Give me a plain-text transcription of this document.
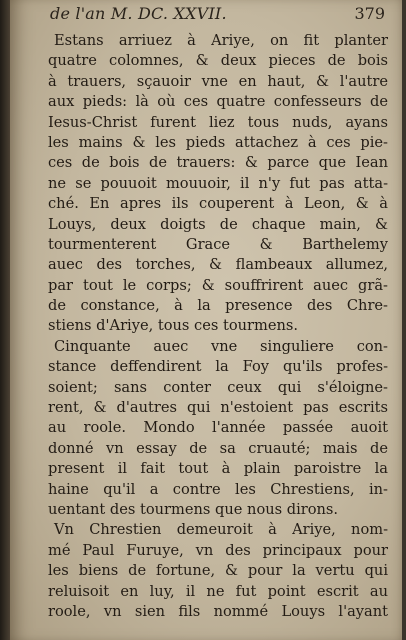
de l'an M. DC. XXVII.	379
Estans arriuez à Ariye, on fit planter
quatre colomnes, & deux pieces de bois
à trauers, sçauoir vne en haut, & l'autre
aux pieds: là où ces quatre confesseurs de
Iesus-Christ furent liez tous nuds, ayans
les mains & les pieds attachez à ces pie-
ces de bois de trauers: & parce que Iean
ne se pouuoit mouuoir, il n'y fut pas atta-
ché. En apres ils couperent à Leon, & à
Louys, deux doigts de chaque main, &
tourmenterent Grace & Barthelemy
auec des torches, & flambeaux allumez,
par tout le corps; & souffrirent auec grã-
de constance, à la presence des Chre-
stiens d'Ariye, tous ces tourmens.
Cinquante auec vne singuliere con-
stance deffendirent la Foy qu'ils profes-
soient; sans conter ceux qui s'éloigne-
rent, & d'autres qui n'estoient pas escrits
au roole. Mondo l'année passée auoit
donné vn essay de sa cruauté; mais de
present il fait tout à plain paroistre la
haine qu'il a contre les Chrestiens, in-
uentant des tourmens que nous dirons.
Vn Chrestien demeuroit à Ariye, nom-
mé Paul Furuye, vn des principaux pour
les biens de fortune, & pour la vertu qui
reluisoit en luy, il ne fut point escrit au
roole, vn sien fils nommé Louys l'ayant
